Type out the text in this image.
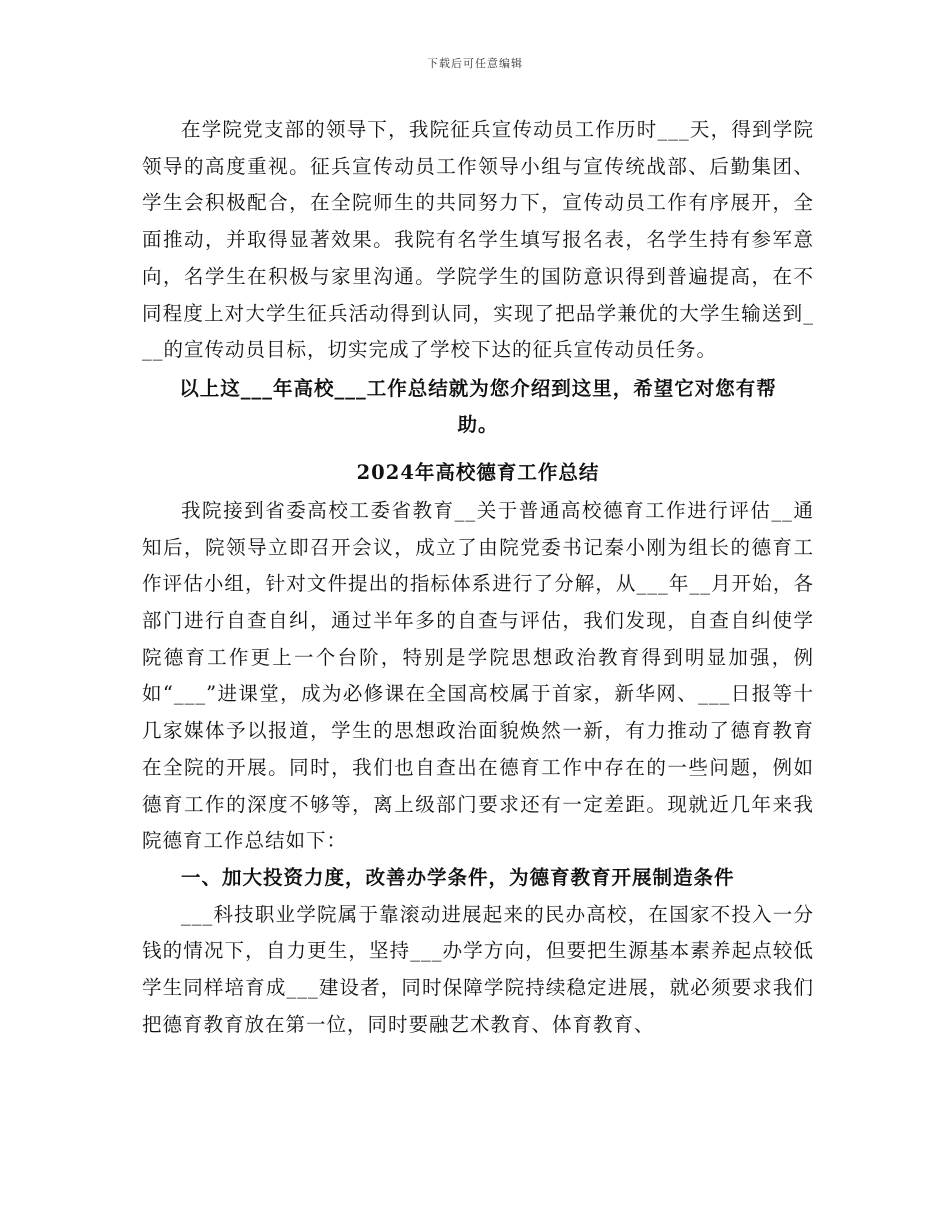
下载后可任意编辑

在学院党支部的领导下，我院征兵宣传动员工作历时___天，得到学院领导的高度重视。征兵宣传动员工作领导小组与宣传统战部、后勤集团、学生会积极配合，在全院师生的共同努力下，宣传动员工作有序展开，全面推动，并取得显著效果。我院有名学生填写报名表，名学生持有参军意向，名学生在积极与家里沟通。学院学生的国防意识得到普遍提高，在不同程度上对大学生征兵活动得到认同，实现了把品学兼优的大学生输送到___的宣传动员目标，切实完成了学校下达的征兵宣传动员任务。

以上这___年高校___工作总结就为您介绍到这里，希望它对您有帮助。

2024年高校德育工作总结

我院接到省委高校工委省教育__关于普通高校德育工作进行评估__通知后，院领导立即召开会议，成立了由院党委书记秦小刚为组长的德育工作评估小组，针对文件提出的指标体系进行了分解，从___年__月开始，各部门进行自查自纠，通过半年多的自查与评估，我们发现，自查自纠使学院德育工作更上一个台阶，特别是学院思想政治教育得到明显加强，例如“___”进课堂，成为必修课在全国高校属于首家，新华网、___日报等十几家媒体予以报道，学生的思想政治面貌焕然一新，有力推动了德育教育在全院的开展。同时，我们也自查出在德育工作中存在的一些问题，例如德育工作的深度不够等，离上级部门要求还有一定差距。现就近几年来我院德育工作总结如下：

一、加大投资力度，改善办学条件，为德育教育开展制造条件

___科技职业学院属于靠滚动进展起来的民办高校，在国家不投入一分钱的情况下，自力更生，坚持___办学方向，但要把生源基本素养起点较低学生同样培育成___建设者，同时保障学院持续稳定进展，就必须要求我们把德育教育放在第一位，同时要融艺术教育、体育教育、
